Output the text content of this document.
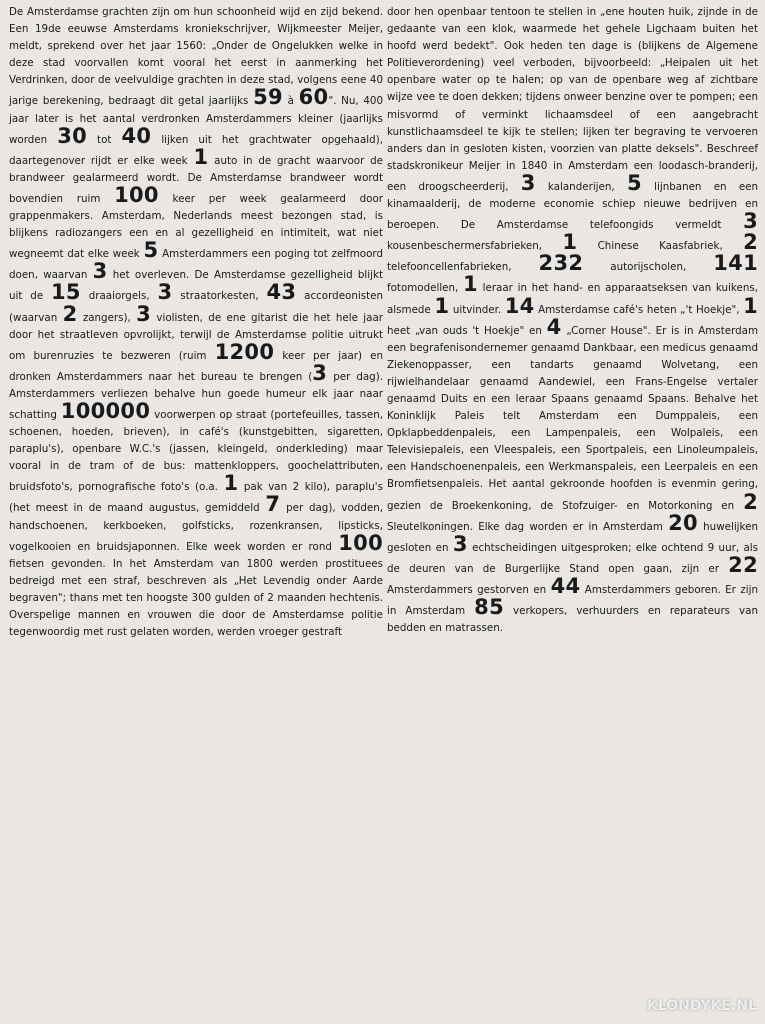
De Amsterdamse grachten zijn om hun schoonheid wijd en zijd bekend. Een 19de eeuwse Amsterdams kroniekschrijver, Wijkmeester Meijer, meldt, sprekend over het jaar 1560: „Onder de Ongelukken welke in deze stad voorvallen komt vooral het eerst in aanmerking het Verdrinken, door de veelvuldige grachten in deze stad, volgens eene 40 jarige berekening, bedraagt dit getal jaarlijks 59 à 60". Nu, 400 jaar later is het aantal verdronken Amsterdammers kleiner (jaarlijks worden 30 tot 40 lijken uit het grachtwater opgehaald), daartegenover rijdt er elke week 1 auto in de gracht waarvoor de brandweer gealarmeerd wordt. De Amsterdamse brandweer wordt bovendien ruim 100 keer per week gealarmeerd door grappenmakers. Amsterdam, Nederlands meest bezongen stad, is blijkens radiozangers een en al gezelligheid en intimiteit, wat niet wegneemt dat elke week 5 Amsterdammers een poging tot zelfmoord doen, waarvan 3 het overleven. De Amsterdamse gezelligheid blijkt uit de 15 draaiorgels, 3 straatorkesten, 43 accordeonisten (waarvan 2 zangers), 3 violisten, de ene gitarist die het hele jaar door het straatleven opvrolijkt, terwijl de Amsterdamse politie uitrukt om burenruzies te bezweren (ruim 1200 keer per jaar) en dronken Amsterdammers naar het bureau te brengen (3 per dag). Amsterdammers verliezen behalve hun goede humeur elk jaar naar schatting 100000 voorwerpen op straat (portefeuilles, tassen, schoenen, hoeden, brieven), in café's (kunstgebitten, sigaretten, paraplu's), openbare W.C.'s (jassen, kleingeld, onderkleding) maar vooral in de tram of de bus: mattenkloppers, goochelattributen, bruidsfoto's, pornografische foto's (o.a. 1 pak van 2 kilo), paraplu's (het meest in de maand augustus, gemiddeld 7 per dag), vodden, handschoenen, kerkboeken, golfsticks, rozenkransen, lipsticks, vogelkooien en bruidsjaponnen. Elke week worden er rond 100 fietsen gevonden. In het Amsterdam van 1800 werden prostituees bedreigd met een straf, beschreven als „Het Levendig onder Aarde begraven"; thans met ten hoogste 300 gulden of 2 maanden hechtenis. Overspelige mannen en vrouwen die door de Amsterdamse politie tegenwoordig met rust gelaten worden, werden vroeger gestraft

door hen openbaar tentoon te stellen in „ene houten huik, zijnde in de gedaante van een klok, waarmede het gehele Ligchaam buiten het hoofd werd bedekt". Ook heden ten dage is (blijkens de Algemene Politieverordening) veel verboden, bijvoorbeeld: „Heipalen uit het openbare water op te halen; op van de openbare weg af zichtbare wijze vee te doen dekken; tijdens onweer benzine over te pompen; een misvormd of verminkt lichaamsdeel of een aangebracht kunstlichaamsdeel te kijk te stellen; lijken ter begraving te vervoeren anders dan in gesloten kisten, voorzien van platte deksels". Beschreef stadskronikeur Meijer in 1840 in Amsterdam een loodasch-branderij, een droogscheerderij, 3 kalanderijen, 5 lijnbanen en een kinamaalderij, de moderne economie schiep nieuwe bedrijven en beroepen. De Amsterdamse telefoongids vermeldt 3 kousenbeschermersfabrieken, 1 Chinese Kaasfabriek, 2 telefooncellenfabrieken, 232 autorijscholen, 141 fotomodellen, 1 leraar in het hand- en apparaatseksen van kuikens, alsmede 1 uitvinder. 14 Amsterdamse café's heten „'t Hoekje", 1 heet „van ouds 't Hoekje" en 4 „Corner House". Er is in Amsterdam een begrafenisondernemer genaamd Dankbaar, een medicus genaamd Ziekenoppasser, een tandarts genaamd Wolvetang, een rijwielhandelaar genaamd Aandewiel, een Frans-Engelse vertaler genaamd Duits en een leraar Spaans genaamd Spaans. Behalve het Koninklijk Paleis telt Amsterdam een Dumppaleis, een Opklapbeddenpaleis, een Lampenpaleis, een Wolpaleis, een Televisiepaleis, een Vleespaleis, een Sportpaleis, een Linoleumpaleis, een Handschoenenpaleis, een Werkmanspaleis, een Leerpaleis en een Bromfietsenpaleis. Het aantal gekroonde hoofden is evenmin gering, gezien de Broekenkoning, de Stofzuiger- en Motorkoning en 2 Sleutelkoningen. Elke dag worden er in Amsterdam 20 huwelijken gesloten en 3 echtscheidingen uitgesproken; elke ochtend 9 uur, als de deuren van de Burgerlijke Stand open gaan, zijn er 22 Amsterdammers gestorven en 44 Amsterdammers geboren. Er zijn in Amsterdam 85 verkopers, verhuurders en reparateurs van bedden en matrassen.

KLONDYKE.NL
